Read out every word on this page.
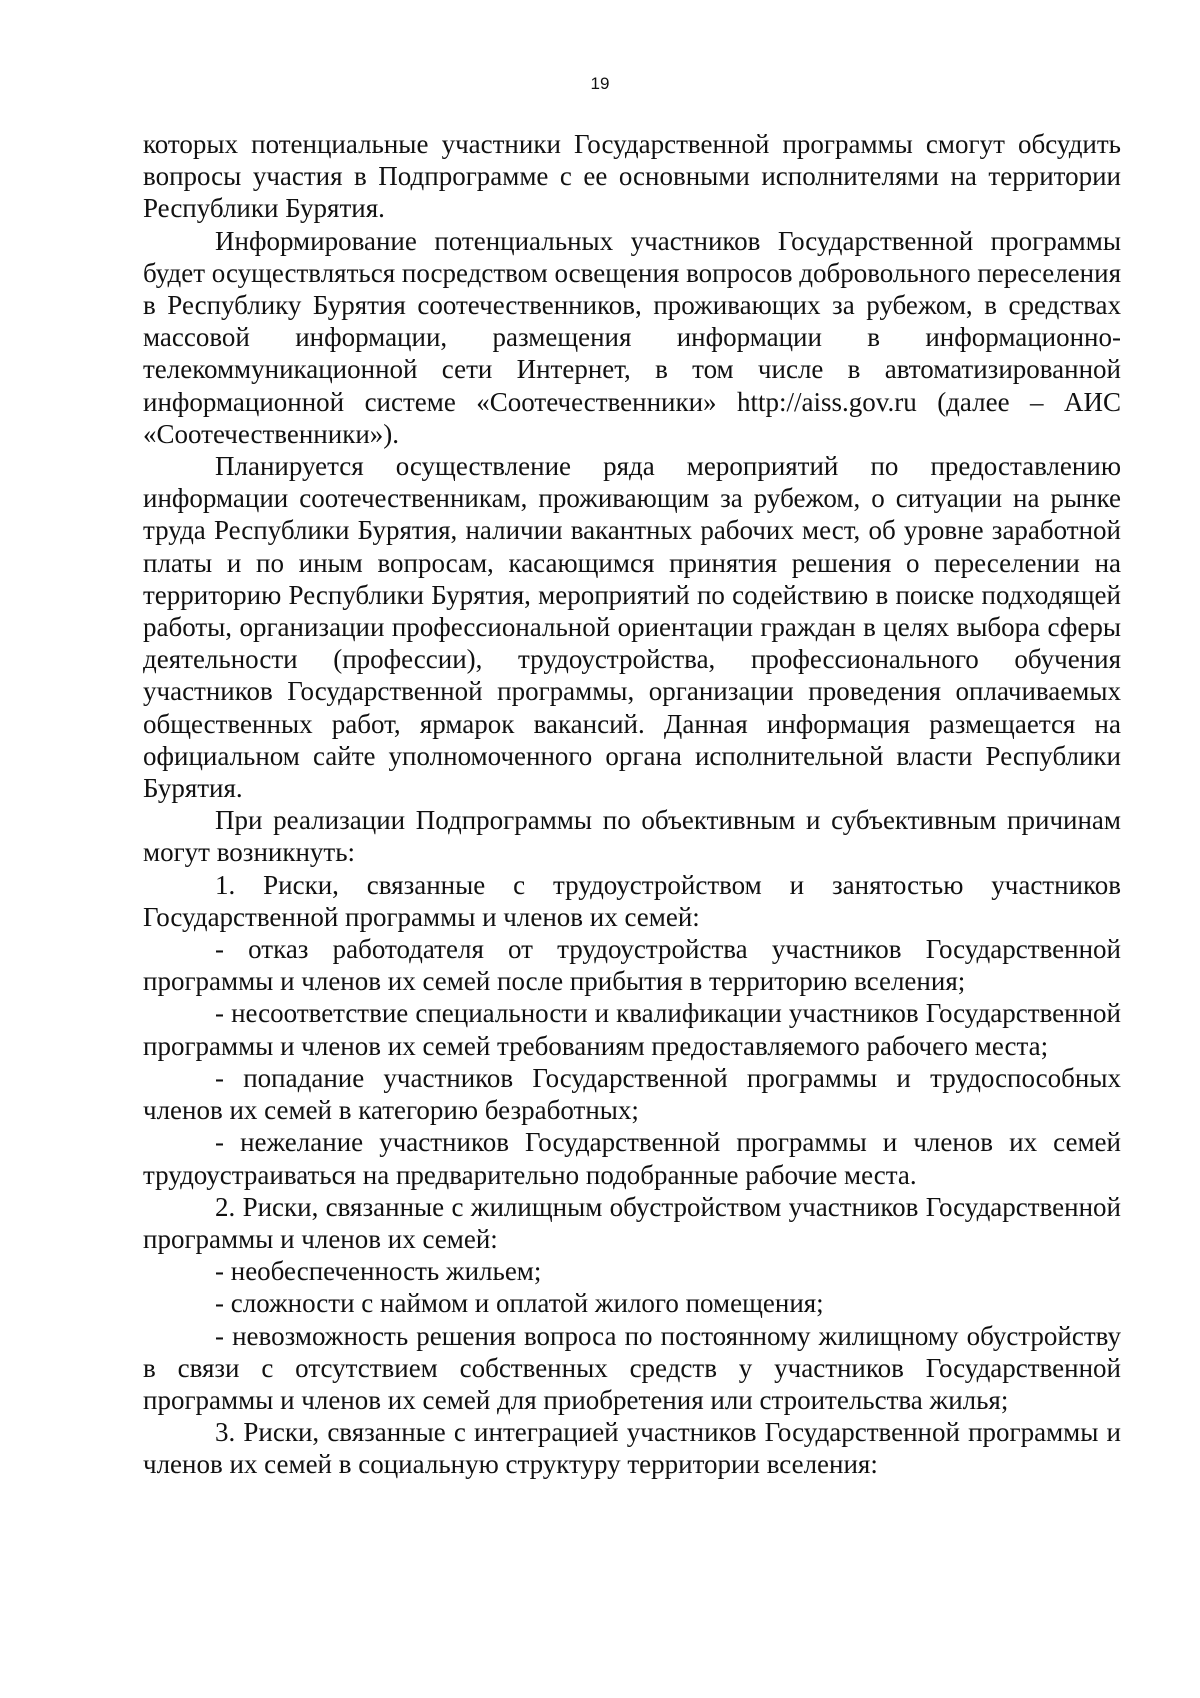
19

которых потенциальные участники Государственной программы смогут обсудить вопросы участия в Подпрограмме с ее основными исполнителями на территории Республики Бурятия.

Информирование потенциальных участников Государственной программы будет осуществляться посредством освещения вопросов добровольного переселения в Республику Бурятия соотечественников, проживающих за рубежом, в средствах массовой информации, размещения информации в информационно-телекоммуникационной сети Интернет, в том числе в автоматизированной информационной системе «Соотечественники» http://aiss.gov.ru (далее – АИС «Соотечественники»).

Планируется осуществление ряда мероприятий по предоставлению информации соотечественникам, проживающим за рубежом, о ситуации на рынке труда Республики Бурятия, наличии вакантных рабочих мест, об уровне заработной платы и по иным вопросам, касающимся принятия решения о переселении на территорию Республики Бурятия, мероприятий по содействию в поиске подходящей работы, организации профессиональной ориентации граждан в целях выбора сферы деятельности (профессии), трудоустройства, профессионального обучения участников Государственной программы, организации проведения оплачиваемых общественных работ, ярмарок вакансий. Данная информация размещается на официальном сайте уполномоченного органа исполнительной власти Республики Бурятия.

При реализации Подпрограммы по объективным и субъективным причинам могут возникнуть:

1. Риски, связанные с трудоустройством и занятостью участников Государственной программы и членов их семей:

- отказ работодателя от трудоустройства участников Государственной программы и членов их семей после прибытия в территорию вселения;

- несоответствие специальности и квалификации участников Государственной программы и членов их семей требованиям предоставляемого рабочего места;

- попадание участников Государственной программы и трудоспособных членов их семей в категорию безработных;

- нежелание участников Государственной программы и членов их семей трудоустраиваться на предварительно подобранные рабочие места.

2. Риски, связанные с жилищным обустройством участников Государственной программы и членов их семей:

- необеспеченность жильем;

- сложности с наймом и оплатой жилого помещения;

- невозможность решения вопроса по постоянному жилищному обустройству в связи с отсутствием собственных средств у участников Государственной программы и членов их семей для приобретения или строительства жилья;

3. Риски, связанные с интеграцией участников Государственной программы и членов их семей в социальную структуру территории вселения:
